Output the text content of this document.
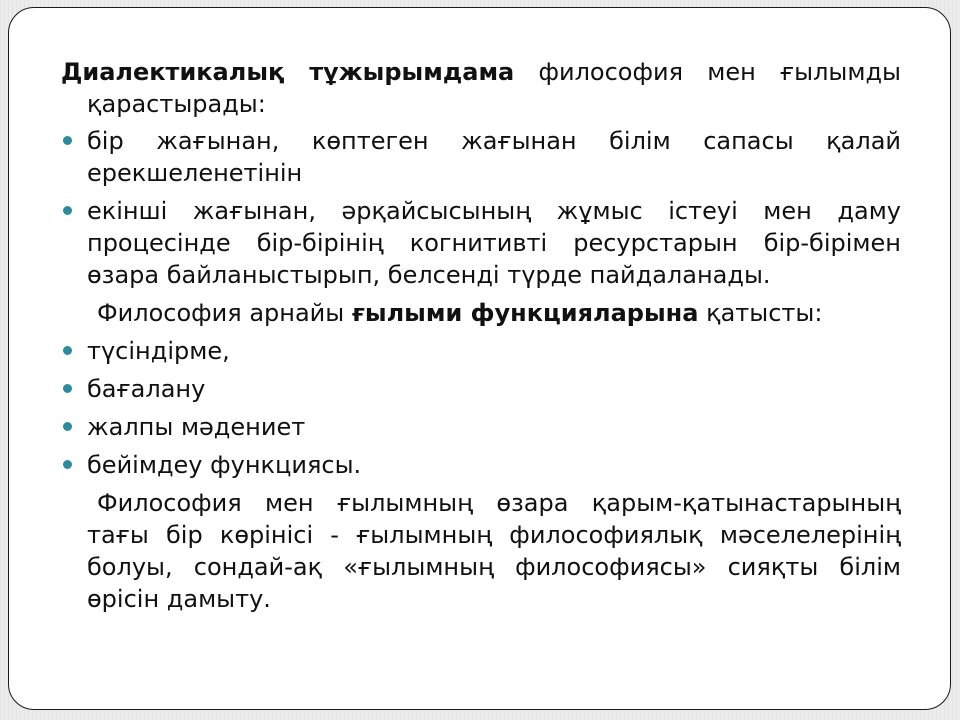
Диалектикалық тұжырымдама философия мен ғылымды қарастырады:

бір жағынан, көптеген жағынан білім сапасы қалай ерекшеленетінін
екінші жағынан, әрқайсысының жұмыс істеуі мен даму процесінде бір-бірінің когнитивті ресурстарын бір-бірімен өзара байланыстырып, белсенді түрде пайдаланады.

Философия арнайы ғылыми функцияларына қатысты:

түсіндірме,
бағалану
жалпы мәдениет
бейімдеу функциясы.

Философия мен ғылымның өзара қарым-қатынастарының тағы бір көрінісі - ғылымның философиялық мәселелерінің болуы, сондай-ақ «ғылымның философиясы» сияқты білім өрісін дамыту.
